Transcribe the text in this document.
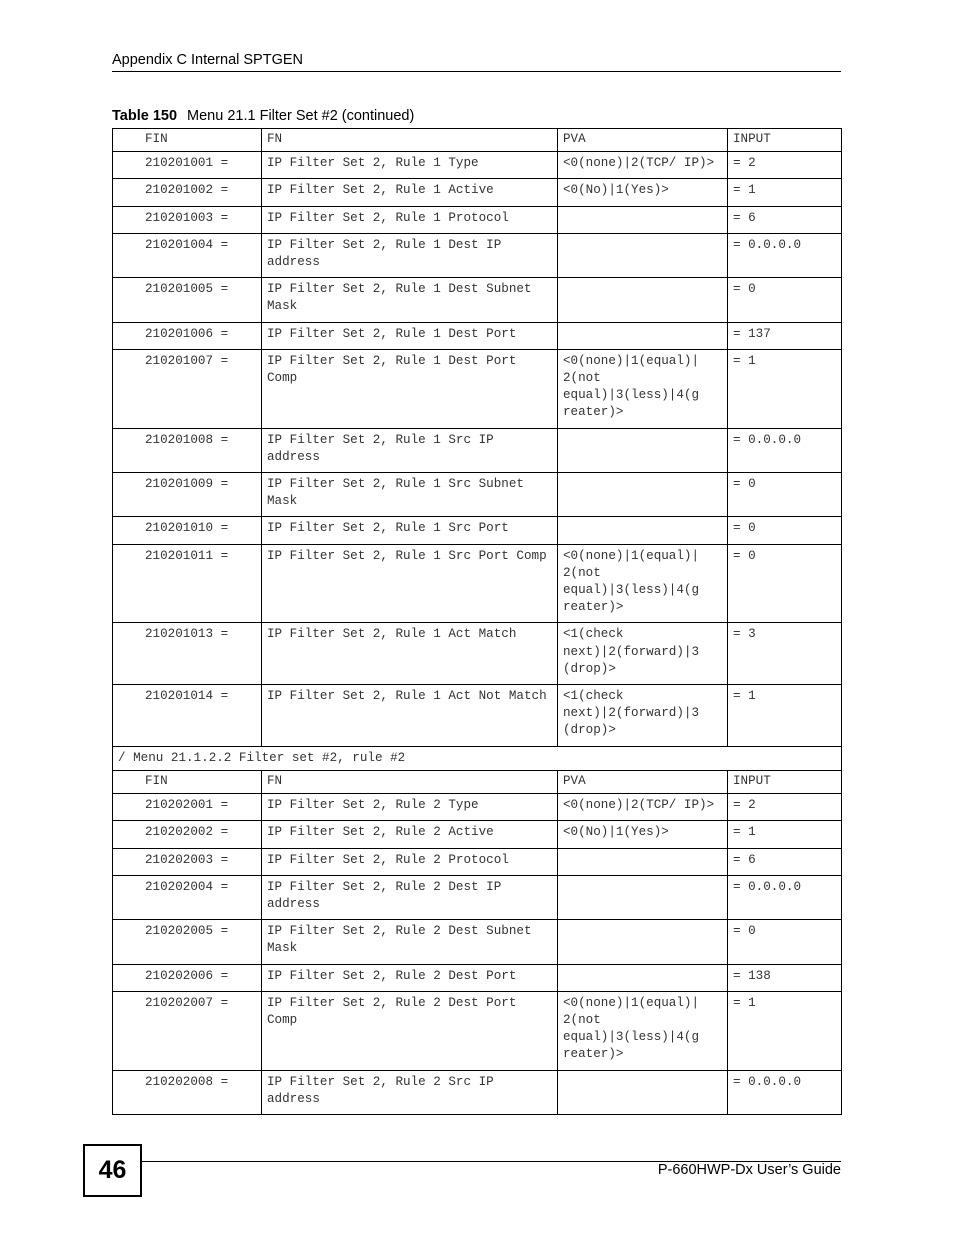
Appendix C Internal SPTGEN
Table 150 Menu 21.1 Filter Set #2 (continued)
FIN	FN	PVA	INPUT
210201001 =	IP Filter Set 2, Rule 1 Type	<0(none)|2(TCP/ IP)>	= 2
210201002 =	IP Filter Set 2, Rule 1 Active	<0(No)|1(Yes)>	= 1
210201003 =	IP Filter Set 2, Rule 1 Protocol		= 6
210201004 =	IP Filter Set 2, Rule 1 Dest IP address		= 0.0.0.0
210201005 =	IP Filter Set 2, Rule 1 Dest Subnet Mask		= 0
210201006 =	IP Filter Set 2, Rule 1 Dest Port		= 137
210201007 =	IP Filter Set 2, Rule 1 Dest Port Comp	<0(none)|1(equal)| 2(not equal)|3(less)|4(g reater)>	= 1
210201008 =	IP Filter Set 2, Rule 1 Src IP address		= 0.0.0.0
210201009 =	IP Filter Set 2, Rule 1 Src Subnet Mask		= 0
210201010 =	IP Filter Set 2, Rule 1 Src Port		= 0
210201011 =	IP Filter Set 2, Rule 1 Src Port Comp	<0(none)|1(equal)| 2(not equal)|3(less)|4(g reater)>	= 0
210201013 =	IP Filter Set 2, Rule 1 Act Match	<1(check next)|2(forward)|3 (drop)>	= 3
210201014 =	IP Filter Set 2, Rule 1 Act Not Match	<1(check next)|2(forward)|3 (drop)>	= 1
/ Menu 21.1.2.2 Filter set #2, rule #2			
FIN	FN	PVA	INPUT
210202001 =	IP Filter Set 2, Rule 2 Type	<0(none)|2(TCP/ IP)>	= 2
210202002 =	IP Filter Set 2, Rule 2 Active	<0(No)|1(Yes)>	= 1
210202003 =	IP Filter Set 2, Rule 2 Protocol		= 6
210202004 =	IP Filter Set 2, Rule 2 Dest IP address		= 0.0.0.0
210202005 =	IP Filter Set 2, Rule 2 Dest Subnet Mask		= 0
210202006 =	IP Filter Set 2, Rule 2 Dest Port		= 138
210202007 =	IP Filter Set 2, Rule 2 Dest Port Comp	<0(none)|1(equal)| 2(not equal)|3(less)|4(g reater)>	= 1
210202008 =	IP Filter Set 2, Rule 2 Src IP address		= 0.0.0.0
46	P-660HWP-Dx User’s Guide
